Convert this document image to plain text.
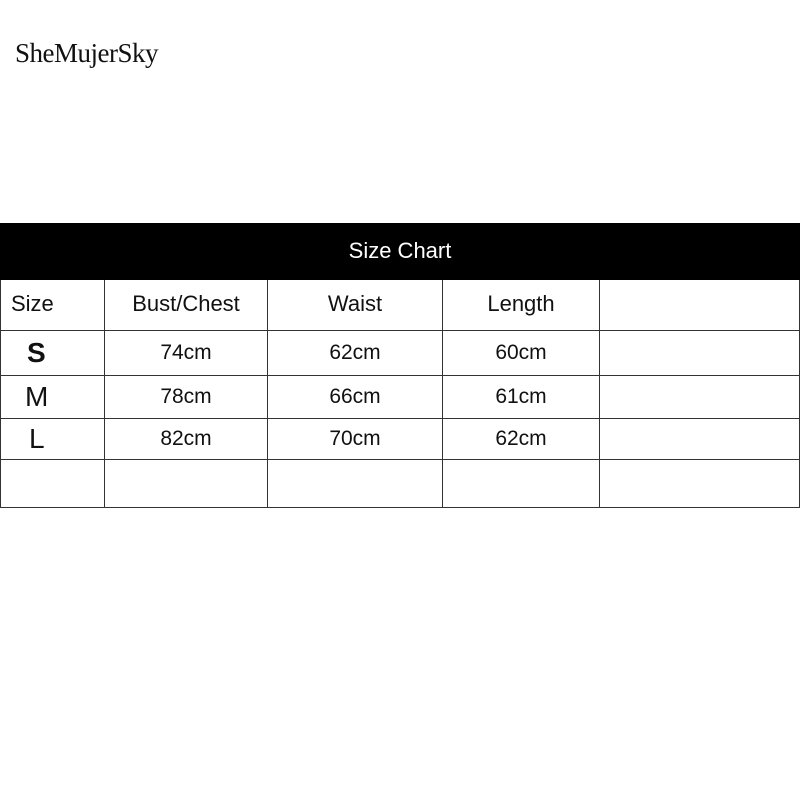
SheMujerSky
Size Chart
Size	Bust/Chest	Waist	Length	
S	74cm	62cm	60cm	
M	78cm	66cm	61cm	
L	82cm	70cm	62cm	
